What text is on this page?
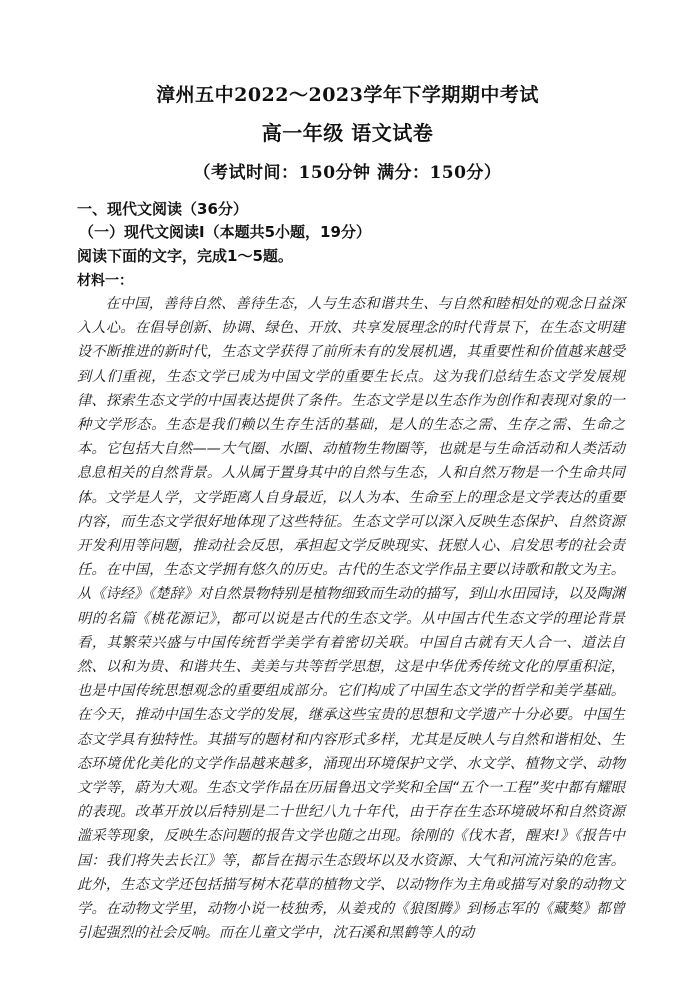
漳州五中2022～2023学年下学期期中考试
高一年级 语文试卷
（考试时间：150分钟 满分：150分）
一、现代文阅读（36分）
（一）现代文阅读Ⅰ（本题共5小题，19分）
阅读下面的文字，完成1～5题。
材料一：

在中国，善待自然、善待生态，人与生态和谐共生、与自然和睦相处的观念日益深入人心。在倡导创新、协调、绿色、开放、共享发展理念的时代背景下，在生态文明建设不断推进的新时代，生态文学获得了前所未有的发展机遇，其重要性和价值越来越受到人们重视，生态文学已成为中国文学的重要生长点。这为我们总结生态文学发展规律、探索生态文学的中国表达提供了条件。生态文学是以生态作为创作和表现对象的一种文学形态。生态是我们赖以生存生活的基础，是人的生态之需、生存之需、生命之本。它包括大自然——大气圈、水圈、动植物生物圈等，也就是与生命活动和人类活动息息相关的自然背景。人从属于置身其中的自然与生态，人和自然万物是一个生命共同体。文学是人学，文学距离人自身最近，以人为本、生命至上的理念是文学表达的重要内容，而生态文学很好地体现了这些特征。生态文学可以深入反映生态保护、自然资源开发利用等问题，推动社会反思，承担起文学反映现实、抚慰人心、启发思考的社会责任。在中国，生态文学拥有悠久的历史。古代的生态文学作品主要以诗歌和散文为主。从《诗经》《楚辞》对自然景物特别是植物细致而生动的描写，到山水田园诗，以及陶渊明的名篇《桃花源记》，都可以说是古代的生态文学。从中国古代生态文学的理论背景看，其繁荣兴盛与中国传统哲学美学有着密切关联。中国自古就有天人合一、道法自然、以和为贵、和谐共生、美美与共等哲学思想，这是中华优秀传统文化的厚重积淀，也是中国传统思想观念的重要组成部分。它们构成了中国生态文学的哲学和美学基础。在今天，推动中国生态文学的发展，继承这些宝贵的思想和文学遗产十分必要。中国生态文学具有独特性。其描写的题材和内容形式多样，尤其是反映人与自然和谐相处、生态环境优化美化的文学作品越来越多，涌现出环境保护文学、水文学、植物文学、动物文学等，蔚为大观。生态文学作品在历届鲁迅文学奖和全国“五个一工程”奖中都有耀眼的表现。改革开放以后特别是二十世纪八九十年代，由于存在生态环境破坏和自然资源滥采等现象，反映生态问题的报告文学也随之出现。徐刚的《伐木者，醒来!》《报告中国：我们将失去长江》等，都旨在揭示生态毁坏以及水资源、大气和河流污染的危害。此外，生态文学还包括描写树木花草的植物文学、以动物作为主角或描写对象的动物文学。在动物文学里，动物小说一枝独秀，从姜戎的《狼图腾》到杨志军的《藏獒》都曾引起强烈的社会反响。而在儿童文学中，沈石溪和黑鹤等人的动
